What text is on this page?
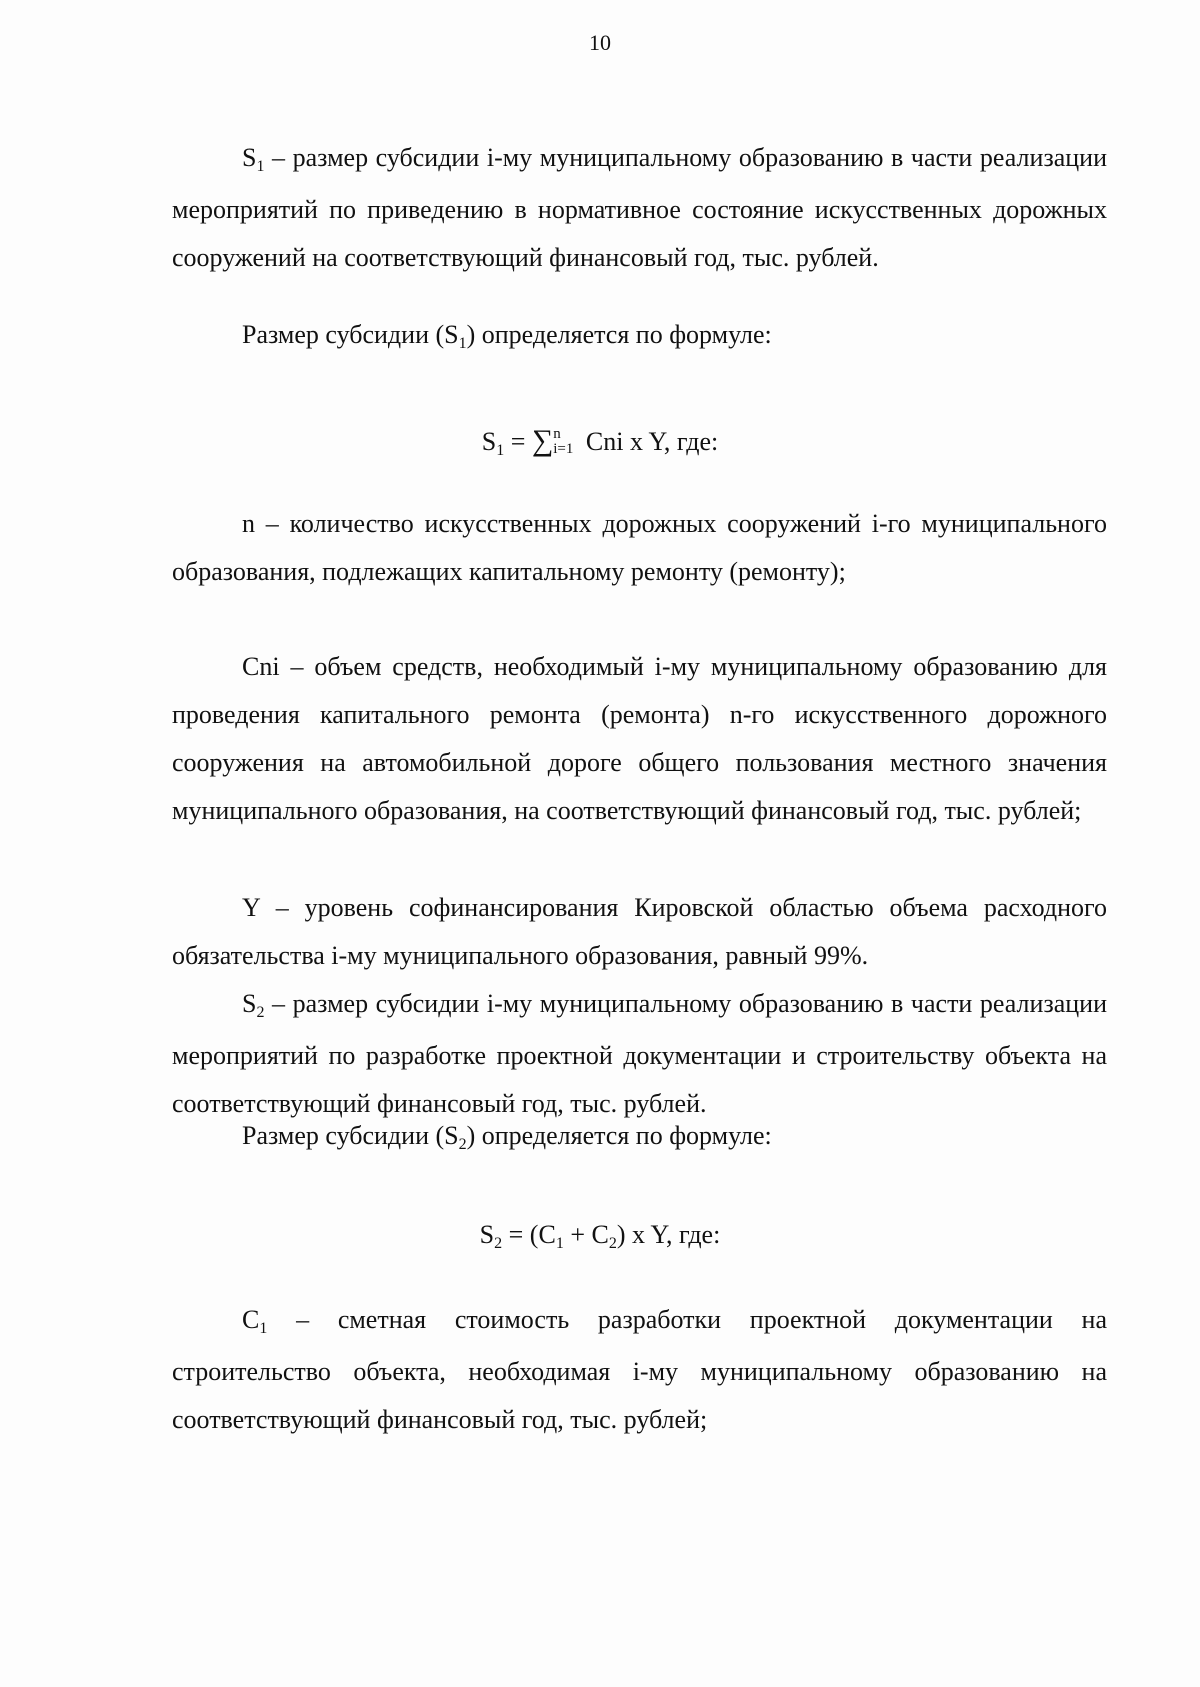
10

$S_1$ – размер субсидии i-му муниципальному образованию в части реализации мероприятий по приведению в нормативное состояние искусственных дорожных сооружений на соответствующий финансовый год, тыс. рублей.

Размер субсидии $(S_1)$ определяется по формуле:

$S_1$ = ∑ n
i=1 Cni x Y, где:

n – количество искусственных дорожных сооружений i-го муниципального образования, подлежащих капитальному ремонту (ремонту);

Cni – объем средств, необходимый i-му муниципальному образованию для проведения капитального ремонта (ремонта) n-го искусственного дорожного сооружения на автомобильной дороге общего пользования местного значения муниципального образования, на соответствующий финансовый год, тыс. рублей;

Y – уровень софинансирования Кировской областью объема расходного обязательства i-му муниципального образования, равный 99%.

$S_2$ – размер субсидии i-му муниципальному образованию в части реализации мероприятий по разработке проектной документации и строительству объекта на соответствующий финансовый год, тыс. рублей.

Размер субсидии $(S_2)$ определяется по формуле:

$S_2 = (C_1 + C_2)$ x Y, где:

$C_1$ – сметная стоимость разработки проектной документации на строительство объекта, необходимая i-му муниципальному образованию на соответствующий финансовый год, тыс. рублей;
